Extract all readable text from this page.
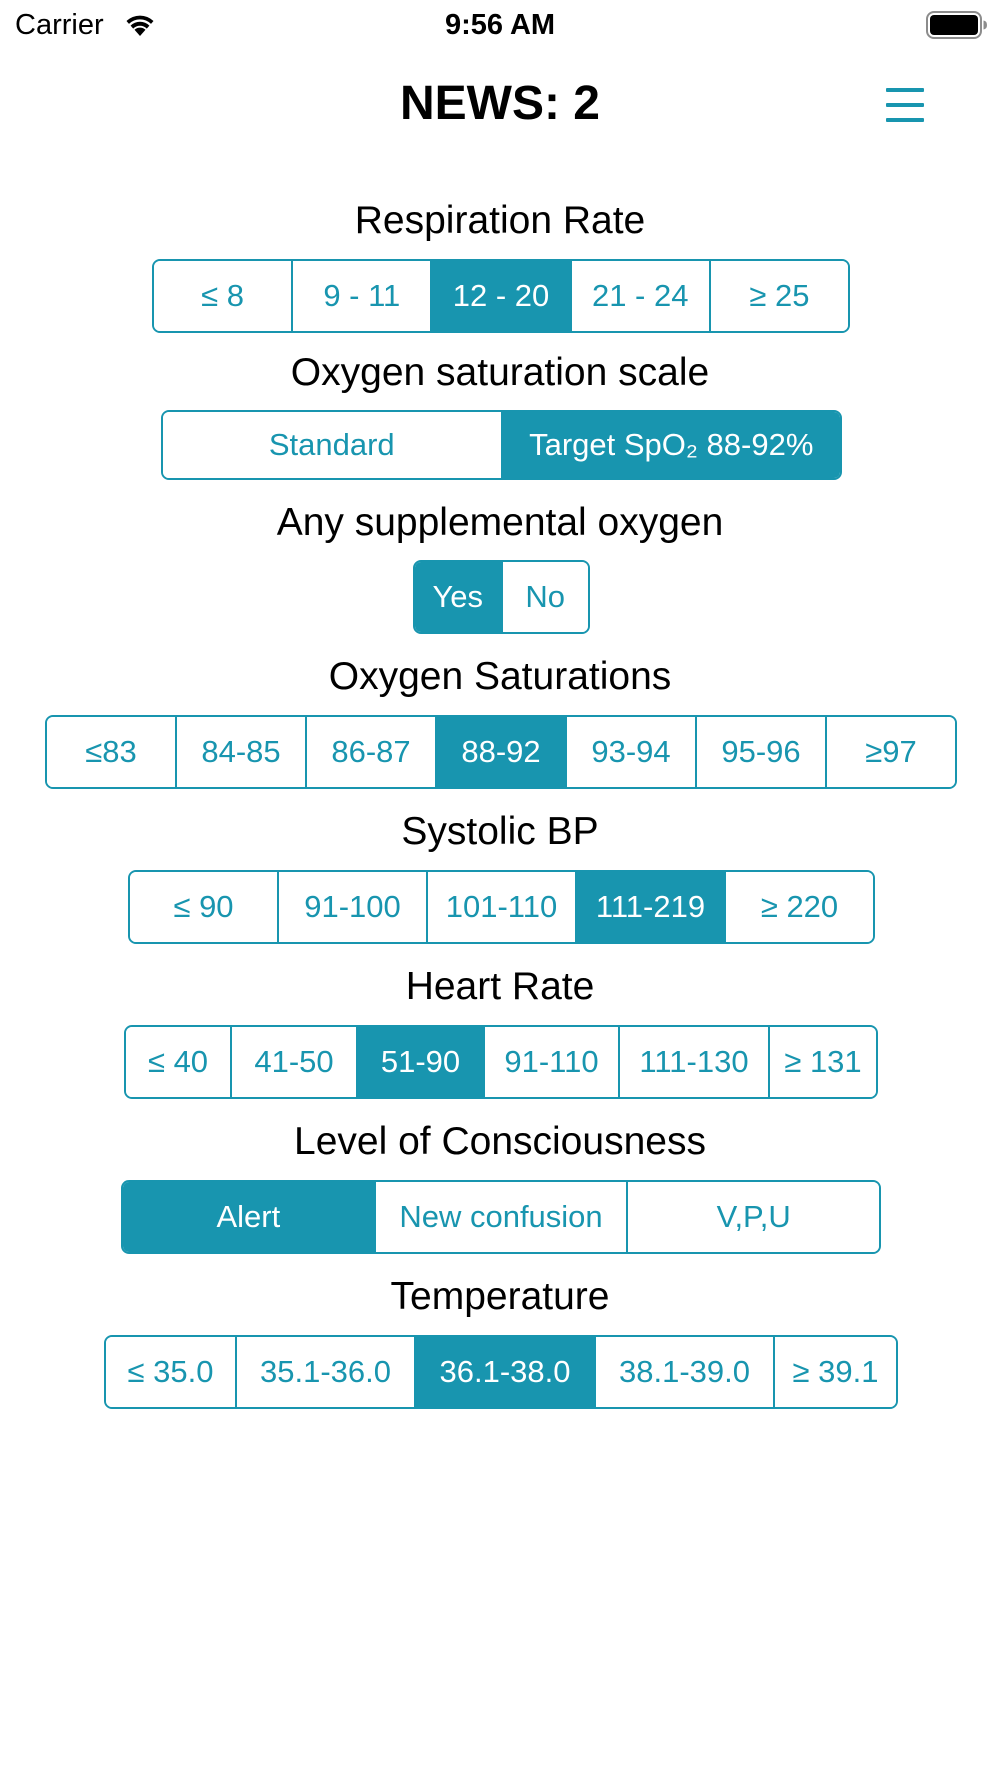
Carrier	9:56 AM
NEWS: 2
Respiration Rate
≤ 8	9 - 11	12 - 20	21 - 24	≥ 25
Oxygen saturation scale
Standard	Target SpO₂ 88-92%
Any supplemental oxygen
Yes	No
Oxygen Saturations
≤83	84-85	86-87	88-92	93-94	95-96	≥97
Systolic BP
≤ 90	91-100	101-110	111-219	≥ 220
Heart Rate
≤ 40	41-50	51-90	91-110	111-130	≥ 131
Level of Consciousness
Alert	New confusion	V,P,U
Temperature
≤ 35.0	35.1-36.0	36.1-38.0	38.1-39.0	≥ 39.1
